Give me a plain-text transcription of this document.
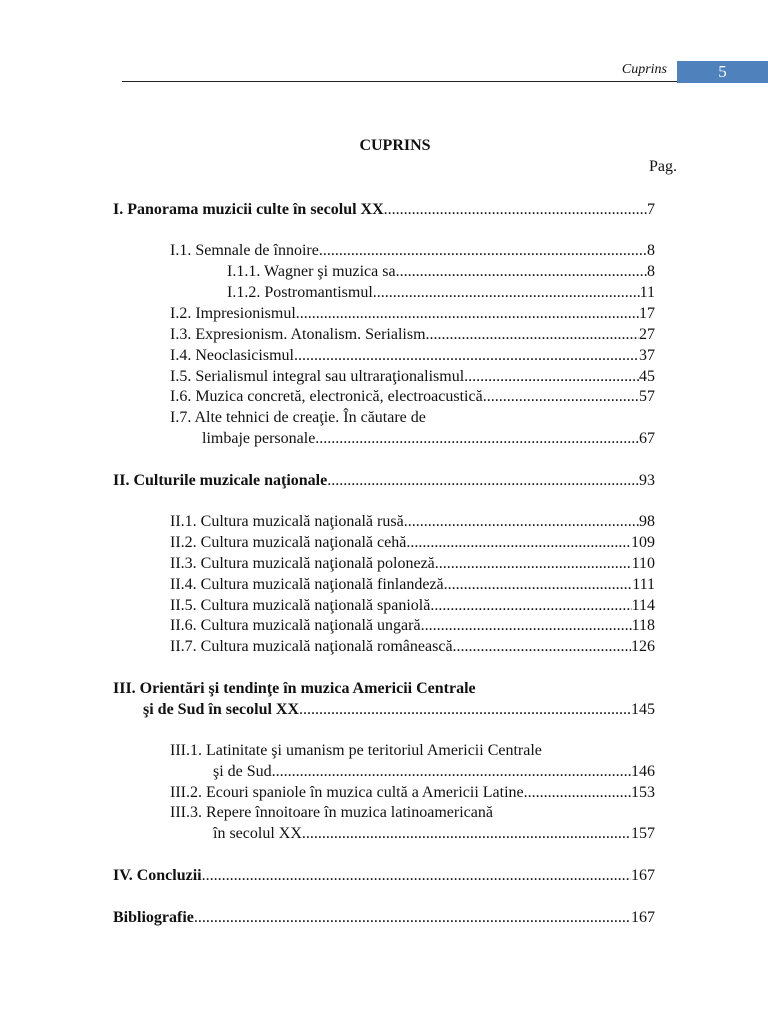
Cuprins	5
CUPRINS
Pag.
I. Panorama muzicii culte în secolul XX .....	7
I.1. Semnale de înnoire .....	8
I.1.1. Wagner şi muzica sa .....	8
I.1.2. Postromantismul .....	11
I.2. Impresionismul .....	17
I.3. Expresionism. Atonalism. Serialism .....	27
I.4. Neoclasicismul .....	37
I.5. Serialismul integral sau ultraraţionalismul .....	45
I.6. Muzica concretă, electronică, electroacustică .....	57
I.7. Alte tehnici de creaţie. În căutare de
limbaje personale .....	67
II. Culturile muzicale naţionale .....	93
II.1. Cultura muzicală naţională rusă .....	98
II.2. Cultura muzicală naţională cehă .....	109
II.3. Cultura muzicală naţională poloneză .....	110
II.4. Cultura muzicală naţională finlandeză .....	111
II.5. Cultura muzicală naţională spaniolă .....	114
II.6. Cultura muzicală naţională ungară .....	118
II.7. Cultura muzicală naţională românească .....	126
III. Orientări şi tendinţe în muzica Americii Centrale
şi de Sud în secolul XX .....	145
III.1. Latinitate şi umanism pe teritoriul Americii Centrale
şi de Sud .....	146
III.2. Ecouri spaniole în muzica cultă a Americii Latine .....	153
III.3. Repere înnoitoare în muzica latinoamericană
în secolul XX .....	157
IV. Concluzii .....	167
Bibliografie .....	167
